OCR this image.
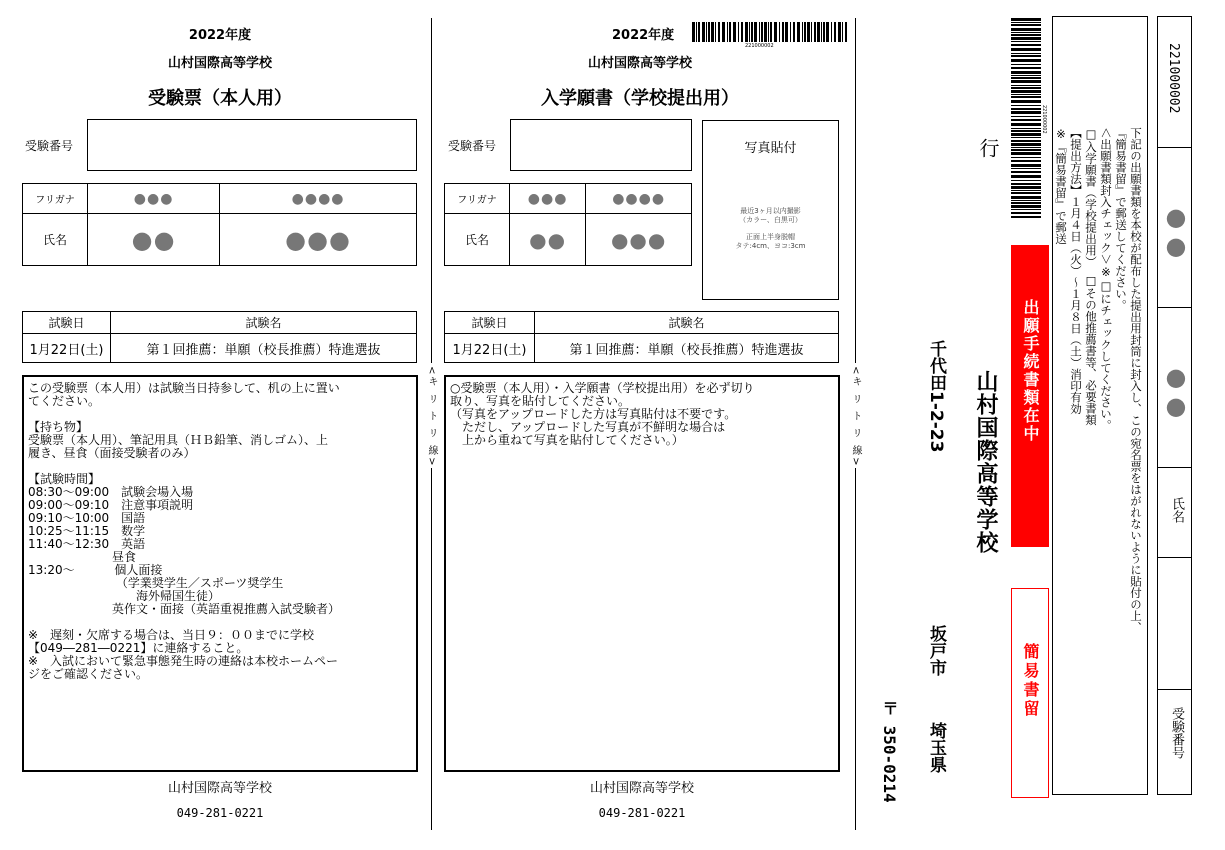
2022年度
山村国際高等学校
受験票（本人用）
受験番号
フリガナ	●●●	●●●●
氏名	●●	●●●
試験日	試験名
1月22日(土)	第１回推薦：単願（校長推薦）特進選抜
この受験票（本人用）は試験当日持参して、机の上に置い
てください。

【持ち物】
受験票（本人用）、筆記用具（ＨＢ鉛筆、消しゴム）、上
履き、昼食（面接受験者のみ）

【試験時間】
08:30～09:00　試験会場入場
09:00～09:10　注意事項説明
09:10～10:00　国語
10:25～11:15　数学
11:40～12:30　英語
　　　　　　　昼食
13:20～　　　 個人面接
　　　　　　　 （学業奨学生／スポーツ奨学生
　　　　　　　　　海外帰国生徒）
　　　　　　　英作文・面接（英語重視推薦入試受験者）

※　遅刻・欠席する場合は、当日９：００までに学校
【049―281―0221】に連絡すること。
※　入試において緊急事態発生時の連絡は本校ホームペー
ジをご確認ください。
山村国際高等学校
049-281-0221
<キ リ ト リ 線>
2022年度
221000002
山村国際高等学校
入学願書（学校提出用）
受験番号	写真貼付
最近3ヶ月以内撮影
（カラー、白黒可）
正面上半身脱帽
タテ:4cm、ヨコ:3cm
フリガナ	●●●	●●●●
氏名	●●	●●●
試験日	試験名
1月22日(土)	第１回推薦：単願（校長推薦）特進選抜
○受験票（本人用）・入学願書（学校提出用）を必ず切り
取り、写真を貼付してください。
（写真をアップロードした方は写真貼付は不要です。
　ただし、アップロードした写真が不鮮明な場合は
　上から重ねて写真を貼付してください。）
山村国際高等学校
049-281-0221
<キ リ ト リ 線>
〒 350-0214 埼玉県
坂戸市
千代田1-2-23 山村国際高等学校
行
221000002
出願手続書類在中
簡易書留
下記の出願書類を本校が配布した提出用封筒に封入し、この宛名票をはがれないように貼付の上、
『簡易書留』で郵送してください。
＜出願書類封入チェック＞※□にチェックしてください。
□入学願書（学校提出用）　□その他推薦書等、必要書類
【提出方法】１月４日（火）～１月８日（土）消印有効
※『簡易書留』で郵送
221000002
●●
●●
氏名
受験番号
